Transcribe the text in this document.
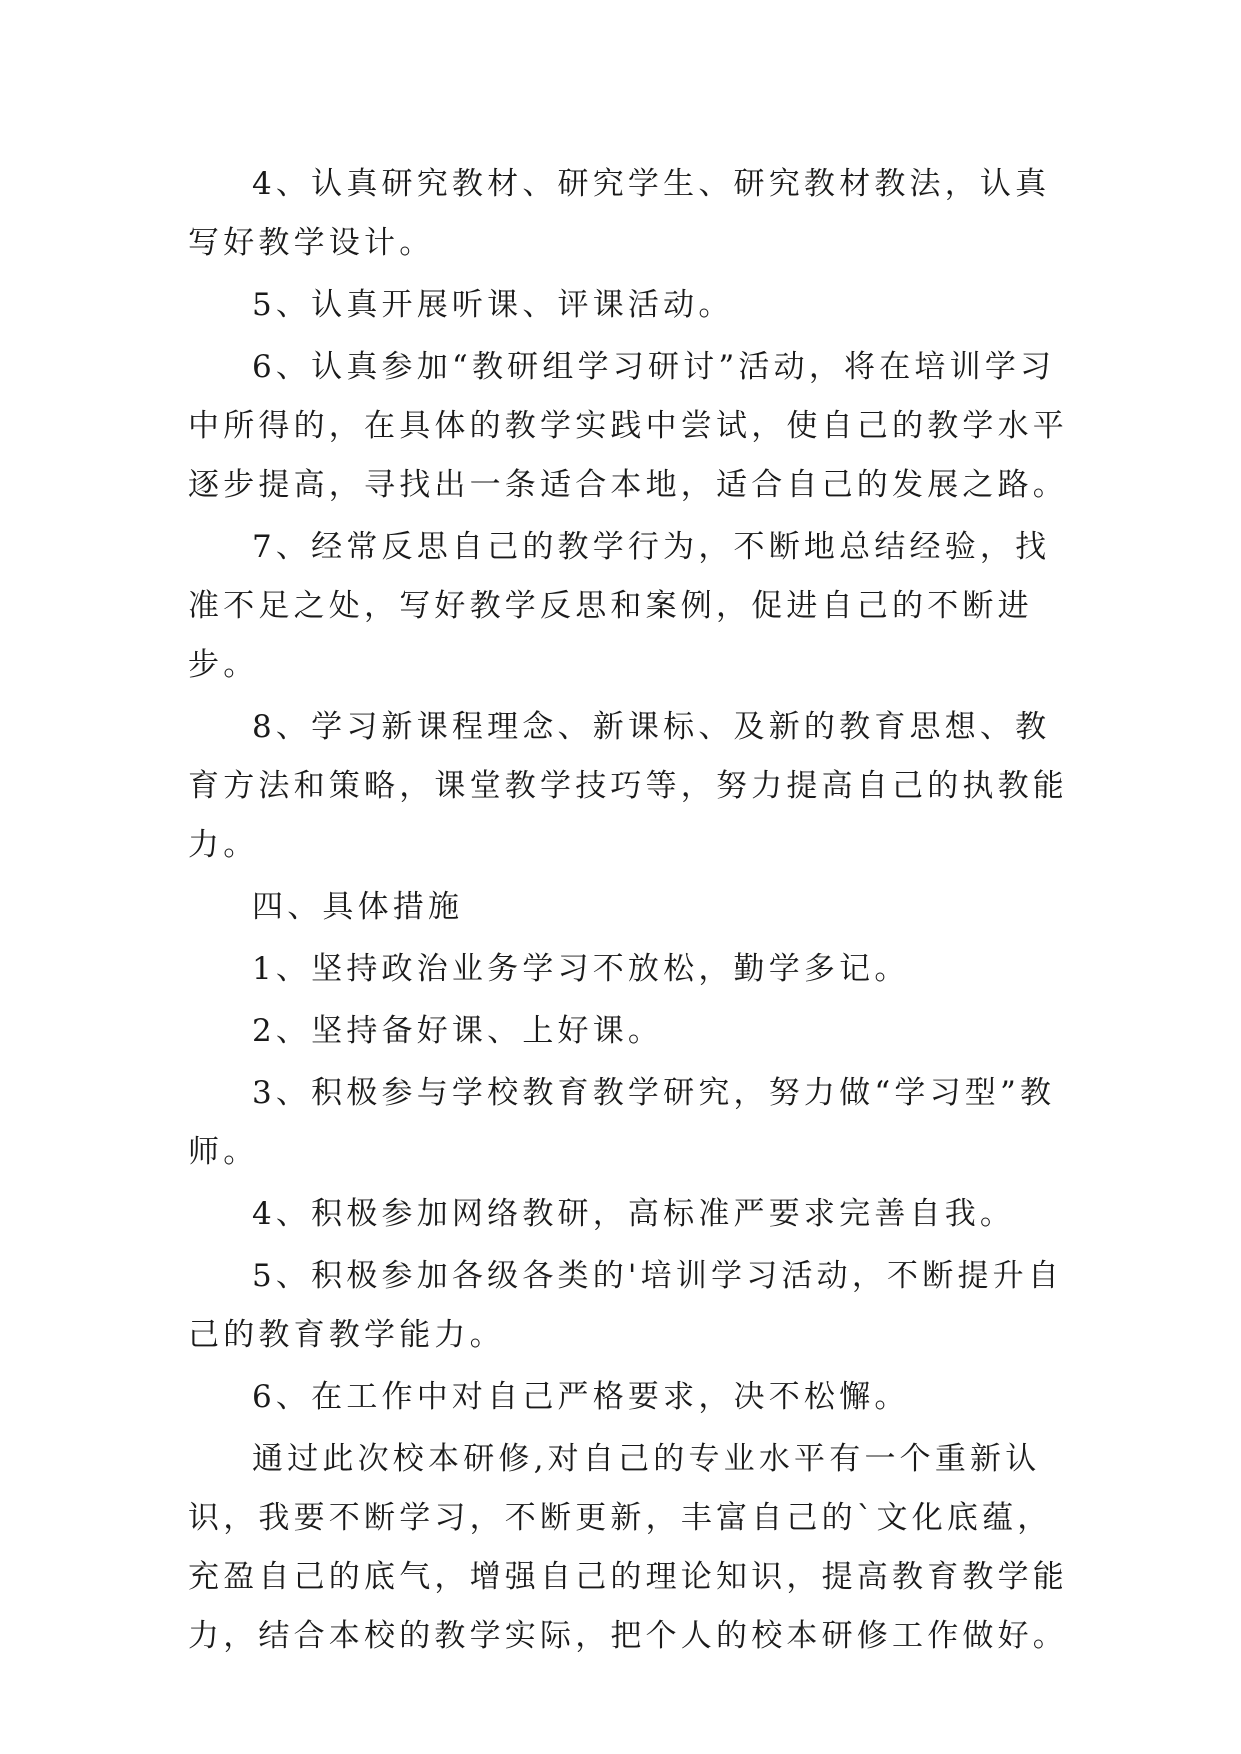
4、认真研究教材、研究学生、研究教材教法，认真写好教学设计。

5、认真开展听课、评课活动。

6、认真参加“教研组学习研讨”活动，将在培训学习中所得的，在具体的教学实践中尝试，使自己的教学水平逐步提高，寻找出一条适合本地，适合自己的发展之路。

7、经常反思自己的教学行为，不断地总结经验，找准不足之处，写好教学反思和案例，促进自己的不断进步。

8、学习新课程理念、新课标、及新的教育思想、教育方法和策略，课堂教学技巧等，努力提高自己的执教能力。

四、具体措施

1、坚持政治业务学习不放松，勤学多记。

2、坚持备好课、上好课。

3、积极参与学校教育教学研究，努力做“学习型”教师。

4、积极参加网络教研，高标准严要求完善自我。

5、积极参加各级各类的'培训学习活动，不断提升自己的教育教学能力。

6、在工作中对自己严格要求，决不松懈。

通过此次校本研修,对自己的专业水平有一个重新认识，我要不断学习，不断更新，丰富自己的`文化底蕴，充盈自己的底气，增强自己的理论知识，提高教育教学能力，结合本校的教学实际，把个人的校本研修工作做好。
